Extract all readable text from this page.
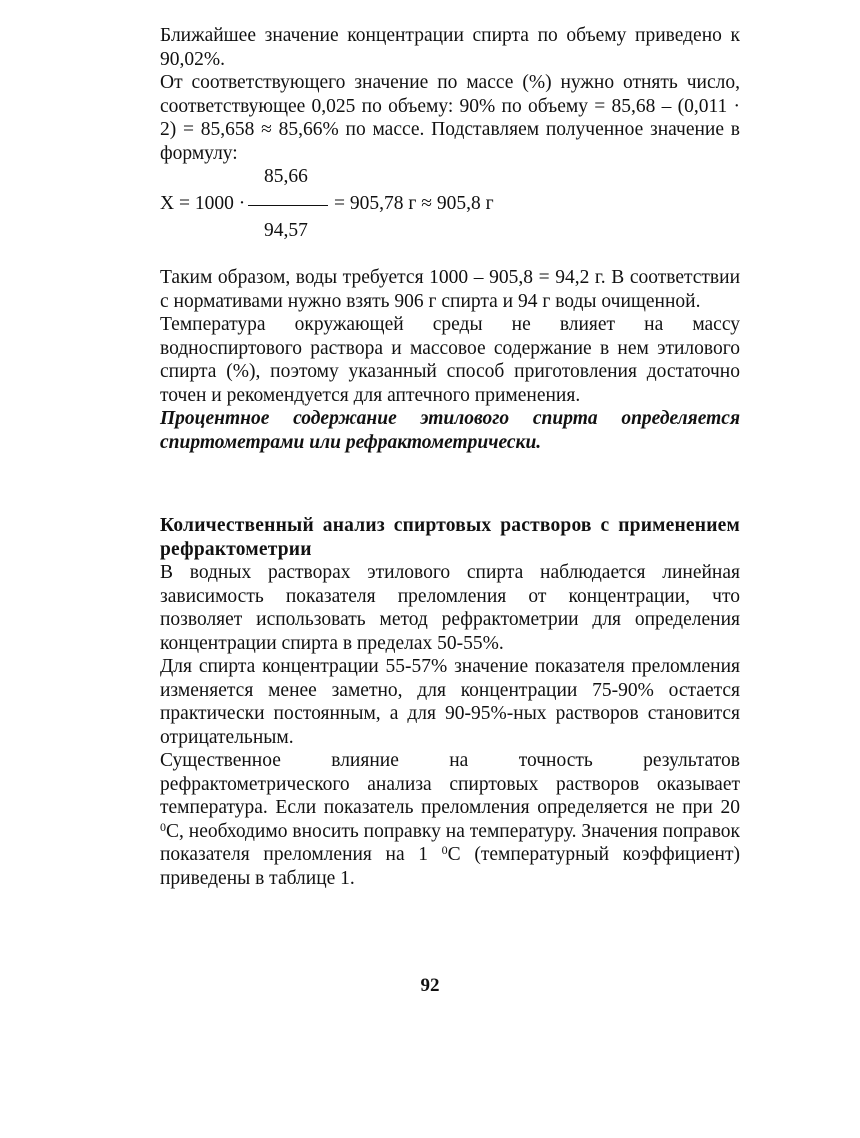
Ближайшее значение концентрации спирта по объему приведено к 90,02%.

От соответствующего значение по массе (%) нужно отнять число, соответствующее 0,025 по объему: 90% по объему = 85,68 – (0,011 · 2) = 85,658 ≈ 85,66% по массе. Подставляем полученное значение в формулу:

85,66
X = 1000 ·	= 905,78 г ≈ 905,8 г
94,57

Таким образом, воды требуется 1000 – 905,8 = 94,2 г. В соответствии с нормативами нужно взять 906 г спирта и 94 г воды очищенной.

Температура окружающей среды не влияет на массу водноспиртового раствора и массовое содержание в нем этилового спирта (%), поэтому указанный способ приготовления достаточно точен и рекомендуется для аптечного применения.

Процентное содержание этилового спирта определяется спиртометрами или рефрактометрически.

Количественный анализ спиртовых растворов с применением рефрактометрии

В водных растворах этилового спирта наблюдается линейная зависимость показателя преломления от концентрации, что позволяет использовать метод рефрактометрии для определения концентрации спирта в пределах 50-55%.

Для спирта концентрации 55-57% значение показателя преломления изменяется менее заметно, для концентрации 75-90% остается практически постоянным, а для 90-95%-ных растворов становится отрицательным.

Существенное влияние на точность результатов рефрактометрического анализа спиртовых растворов оказывает температура. Если показатель преломления определяется не при 20 $^0$С, необходимо вносить поправку на температуру. Значения поправок показателя преломления на 1 $^0$С (температурный коэффициент) приведены в таблице 1.

92
